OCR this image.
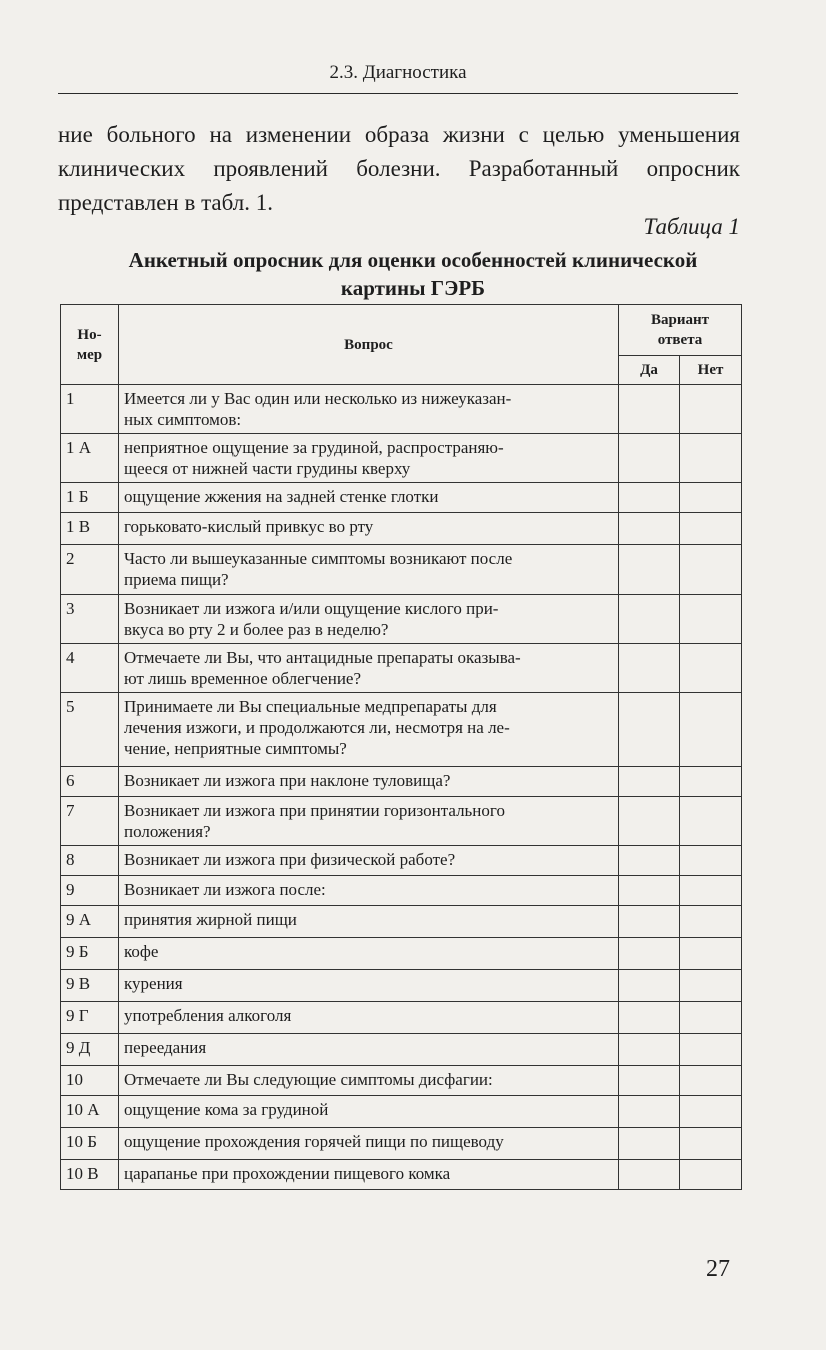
2.3. Диагностика
ние больного на изменении образа жизни с целью уменьшения
клинических проявлений болезни. Разработанный опросник
представлен в табл. 1.
Таблица 1
Анкетный опросник для оценки особенностей клинической
картины ГЭРБ
Но-
мер	Вопрос	Вариант
ответа	
		Да	Нет
1	Имеется ли у Вас один или несколько из нижеуказан-
ных симптомов:		
1 А	неприятное ощущение за грудиной, распространяю-
щееся от нижней части грудины кверху		
1 Б	ощущение жжения на задней стенке глотки		
1 В	горьковато-кислый привкус во рту		
2	Часто ли вышеуказанные симптомы возникают после
приема пищи?		
3	Возникает ли изжога и/или ощущение кислого при-
вкуса во рту 2 и более раз в неделю?		
4	Отмечаете ли Вы, что антацидные препараты оказыва-
ют лишь временное облегчение?		
5	Принимаете ли Вы специальные медпрепараты для
лечения изжоги, и продолжаются ли, несмотря на ле-
чение, неприятные симптомы?		
6	Возникает ли изжога при наклоне туловища?		
7	Возникает ли изжога при принятии горизонтального
положения?		
8	Возникает ли изжога при физической работе?		
9	Возникает ли изжога после:		
9 А	принятия жирной пищи		
9 Б	кофе		
9 В	курения		
9 Г	употребления алкоголя		
9 Д	переедания		
10	Отмечаете ли Вы следующие симптомы дисфагии:		
10 А	ощущение кома за грудиной		
10 Б	ощущение прохождения горячей пищи по пищеводу		
10 В	царапанье при прохождении пищевого комка		
27
